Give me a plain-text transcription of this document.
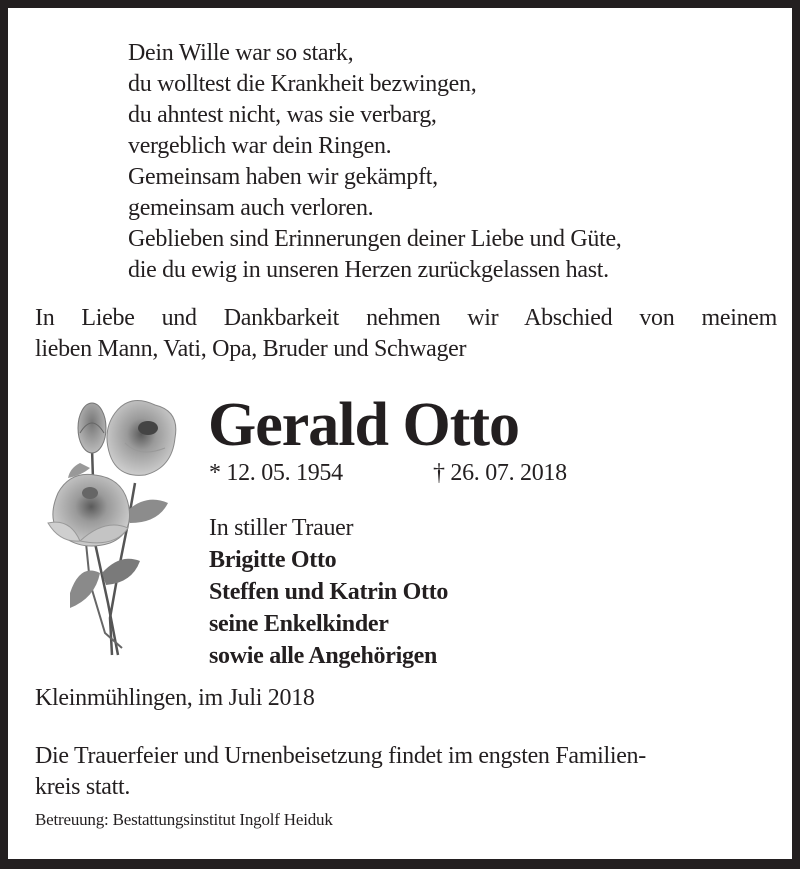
Dein Wille war so stark,
du wolltest die Krankheit bezwingen,
du ahntest nicht, was sie verbarg,
vergeblich war dein Ringen.
Gemeinsam haben wir gekämpft,
gemeinsam auch verloren.
Geblieben sind Erinnerungen deiner Liebe und Güte,
die du ewig in unseren Herzen zurückgelassen hast.
In Liebe und Dankbarkeit nehmen wir Abschied von meinem
lieben Mann, Vati, Opa, Bruder und Schwager
Gerald Otto
* 12. 05. 1954	† 26. 07. 2018
In stiller Trauer
Brigitte Otto
Steffen und Katrin Otto
seine Enkelkinder
sowie alle Angehörigen
Kleinmühlingen, im Juli 2018
Die Trauerfeier und Urnenbeisetzung findet im engsten Familien-
kreis statt.
Betreuung: Bestattungsinstitut Ingolf Heiduk
